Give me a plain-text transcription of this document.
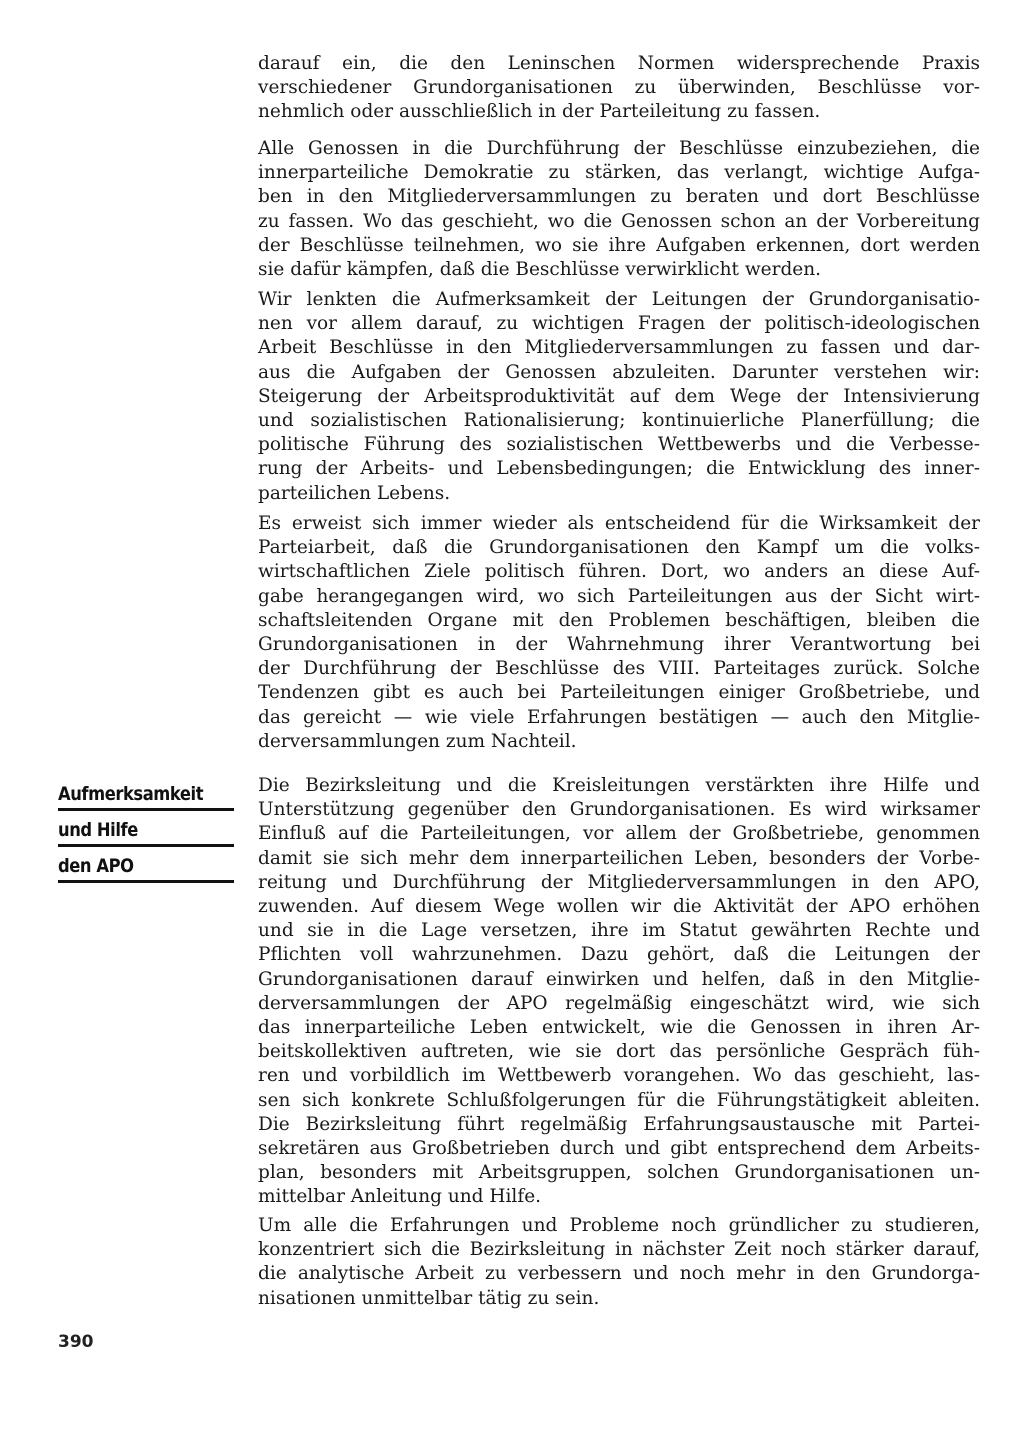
darauf ein, die den Leninschen Normen widersprechende Praxis
verschiedener Grundorganisationen zu überwinden, Beschlüsse vor-
nehmlich oder ausschließlich in der Parteileitung zu fassen.
Alle Genossen in die Durchführung der Beschlüsse einzubeziehen, die
innerparteiliche Demokratie zu stärken, das verlangt, wichtige Aufga-
ben in den Mitgliederversammlungen zu beraten und dort Beschlüsse
zu fassen. Wo das geschieht, wo die Genossen schon an der Vorbereitung
der Beschlüsse teilnehmen, wo sie ihre Aufgaben erkennen, dort werden
sie dafür kämpfen, daß die Beschlüsse verwirklicht werden.
Wir lenkten die Aufmerksamkeit der Leitungen der Grundorganisatio-
nen vor allem darauf, zu wichtigen Fragen der politisch-ideologischen
Arbeit Beschlüsse in den Mitgliederversammlungen zu fassen und dar-
aus die Aufgaben der Genossen abzuleiten. Darunter verstehen wir:
Steigerung der Arbeitsproduktivität auf dem Wege der Intensivierung
und sozialistischen Rationalisierung; kontinuierliche Planerfüllung; die
politische Führung des sozialistischen Wettbewerbs und die Verbesse-
rung der Arbeits- und Lebensbedingungen; die Entwicklung des inner-
parteilichen Lebens.
Es erweist sich immer wieder als entscheidend für die Wirksamkeit der
Parteiarbeit, daß die Grundorganisationen den Kampf um die volks-
wirtschaftlichen Ziele politisch führen. Dort, wo anders an diese Auf-
gabe herangegangen wird, wo sich Parteileitungen aus der Sicht wirt-
schaftsleitenden Organe mit den Problemen beschäftigen, bleiben die
Grundorganisationen in der Wahrnehmung ihrer Verantwortung bei
der Durchführung der Beschlüsse des VIII. Parteitages zurück. Solche
Tendenzen gibt es auch bei Parteileitungen einiger Großbetriebe, und
das gereicht — wie viele Erfahrungen bestätigen — auch den Mitglie-
derversammlungen zum Nachteil.
Aufmerksamkeit
und Hilfe
den APO
Die Bezirksleitung und die Kreisleitungen verstärkten ihre Hilfe und
Unterstützung gegenüber den Grundorganisationen. Es wird wirksamer
Einfluß auf die Parteileitungen, vor allem der Großbetriebe, genommen
damit sie sich mehr dem innerparteilichen Leben, besonders der Vorbe-
reitung und Durchführung der Mitgliederversammlungen in den APO,
zuwenden. Auf diesem Wege wollen wir die Aktivität der APO erhöhen
und sie in die Lage versetzen, ihre im Statut gewährten Rechte und
Pflichten voll wahrzunehmen. Dazu gehört, daß die Leitungen der
Grundorganisationen darauf einwirken und helfen, daß in den Mitglie-
derversammlungen der APO regelmäßig eingeschätzt wird, wie sich
das innerparteiliche Leben entwickelt, wie die Genossen in ihren Ar-
beitskollektiven auftreten, wie sie dort das persönliche Gespräch füh-
ren und vorbildlich im Wettbewerb vorangehen. Wo das geschieht, las-
sen sich konkrete Schlußfolgerungen für die Führungstätigkeit ableiten.
Die Bezirksleitung führt regelmäßig Erfahrungsaustausche mit Partei-
sekretären aus Großbetrieben durch und gibt entsprechend dem Arbeits-
plan, besonders mit Arbeitsgruppen, solchen Grundorganisationen un-
mittelbar Anleitung und Hilfe.
Um alle die Erfahrungen und Probleme noch gründlicher zu studieren,
konzentriert sich die Bezirksleitung in nächster Zeit noch stärker darauf,
die analytische Arbeit zu verbessern und noch mehr in den Grundorga-
nisationen unmittelbar tätig zu sein.
390
